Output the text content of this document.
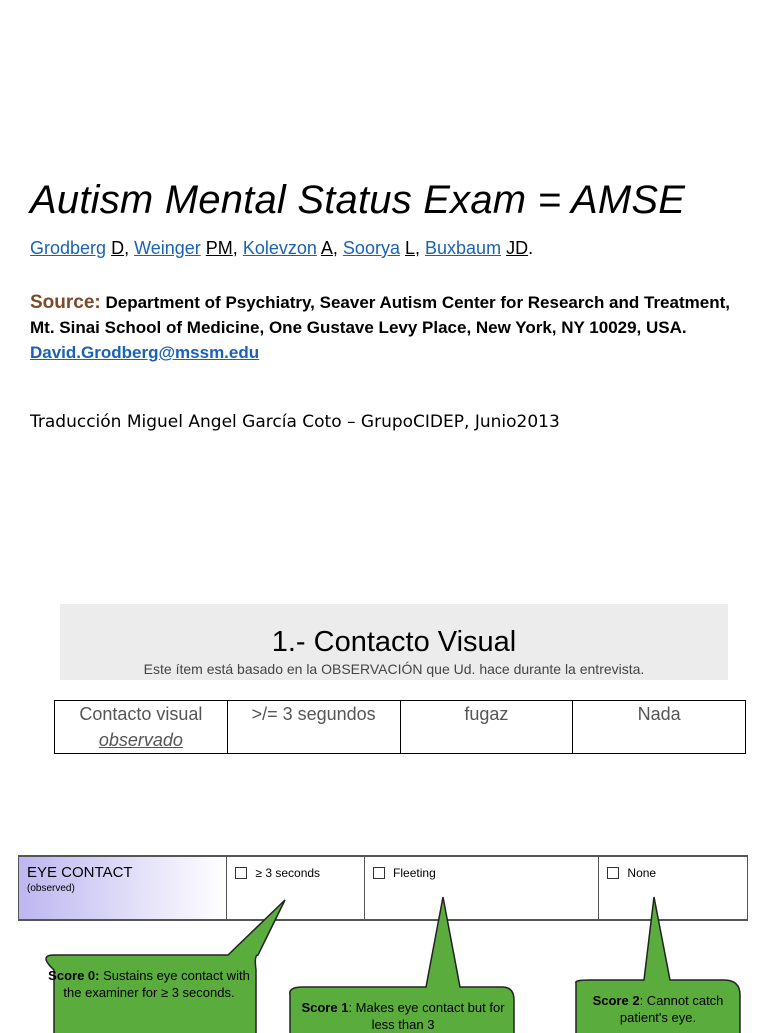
Autism Mental Status Exam = AMSE
Grodberg D, Weinger PM, Kolevzon A, Soorya L, Buxbaum JD.
Source: Department of Psychiatry, Seaver Autism Center for Research and Treatment, Mt. Sinai School of Medicine, One Gustave Levy Place, New York, NY 10029, USA. David.Grodberg@mssm.edu
Traducción Miguel Angel García Coto – GrupoCIDEP, Junio2013
1.- Contacto Visual
Este ítem está basado en la OBSERVACIÓN que Ud. hace durante la entrevista.
Contacto visual
observado
	>/= 3 segundos	fugaz	Nada
EYE CONTACT
(observed)
≥ 3 seconds	Fleeting	None
Score 0: Sustains eye contact with the examiner for ≥ 3 seconds.
Score 1: Makes eye contact but for less than 3
Score 2: Cannot catch patient's eye.
